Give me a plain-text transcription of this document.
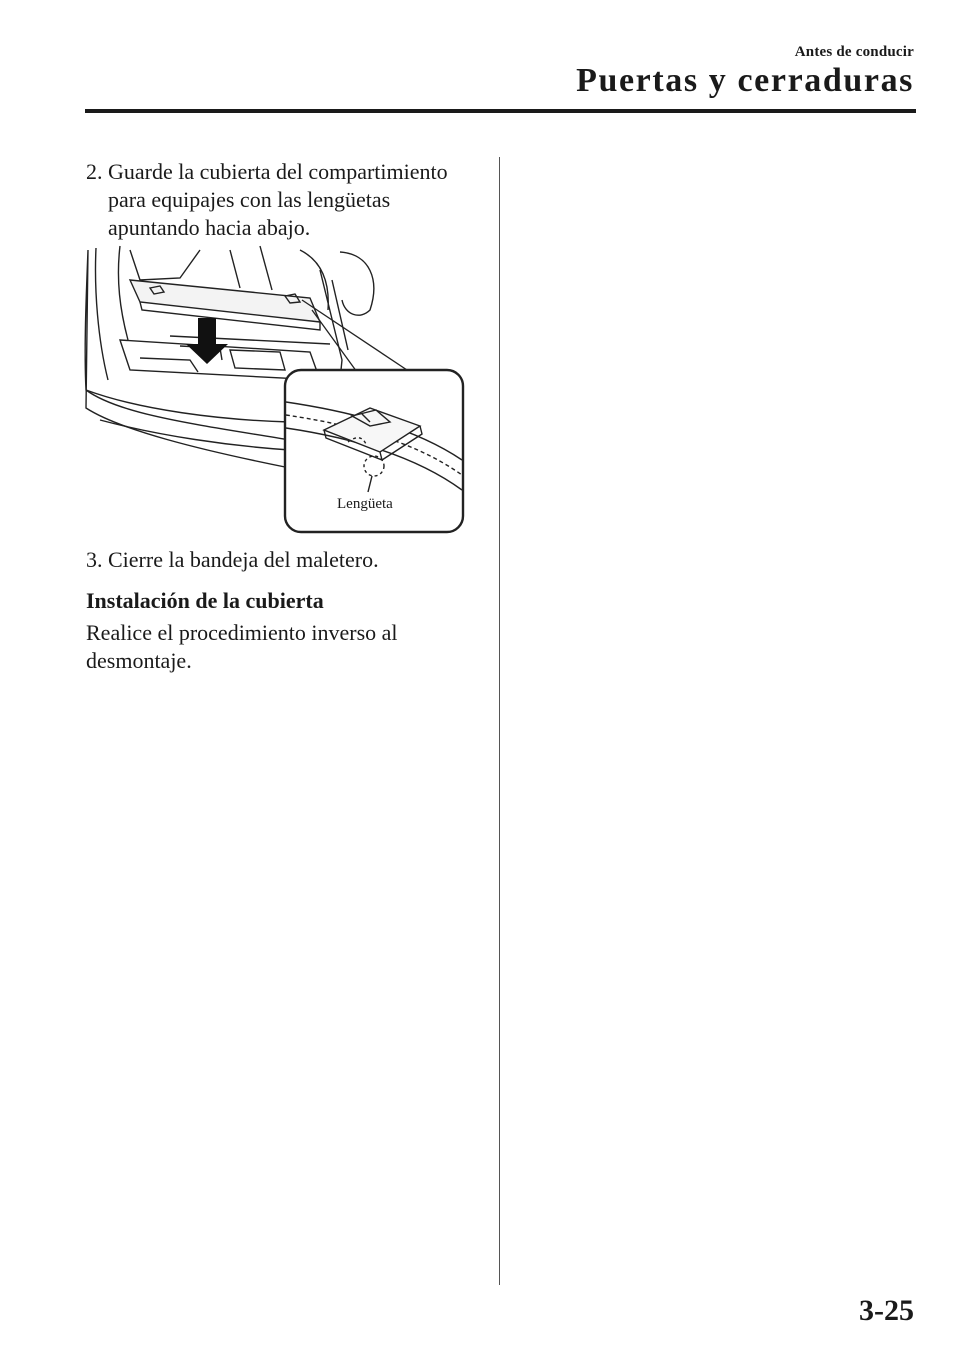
Antes de conducir
Puertas y cerraduras
2. Guarde la cubierta del compartimiento
para equipajes con las lengüetas
apuntando hacia abajo.
Lengüeta
3. Cierre la bandeja del maletero.
Instalación de la cubierta
Realice el procedimiento inverso al
desmontaje.
3-25
